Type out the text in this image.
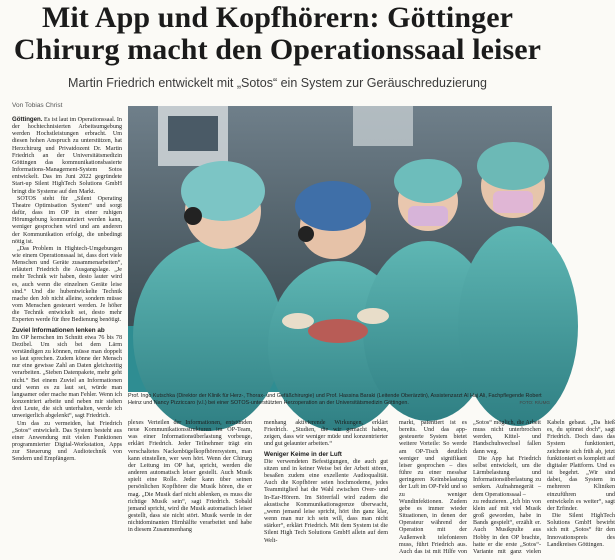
Mit App und Kopfhörern: Göttinger
Chirurg macht den Operationssaal leiser
Martin Friedrich entwickelt mit „Sotos“ ein System zur Geräuschreduzierung
Von Tobias Christ

Göttingen. Es ist laut im Operationssaal. In der hochtechnisierten Arbeitsumgebung werden Hochstleistungen erbracht. Um diesen hohen Anspruch zu unterstützen, hat Herzchirurg und Privatdozent Dr. Martin Friedrich an der Universitätsmedizin Göttingen das kommunikationsbasierte Informations-Management-System Sotos entwickelt. Das im Juni 2022 gegründete Start-up Silent HighTech Solutions GmbH bringt die Systeme auf den Markt.

SOTOS steht für „Silent Operating Theatre Optimisation System“ und sorgt dafür, dass im OP in einer ruhigen Hörumgebung kommuniziert werden kann, weniger gesprochen wird und am anderen der Kommunikation erfolgt, die unbedingt nötig ist.

„Das Problem in Hightech-Umgebungen wie einem Operationssaal ist, dass dort viele Menschen und Geräte zusammenarbeiten“, erläutert Friedrich die Ausgangslage. „Je mehr Technik wir haben, desto lauter wird es, auch wenn die einzelnen Geräte leise sind.“ Und die hubentwickelte Technik mache den Job nicht alleine, sondern müsse vom Menschen gesteuert werden. Je höher die Technik entwickelt sei, desto mehr Experten werde für ihre Bedienung benötigt.

Zuviel Informationen lenken ab

Im OP herrschen im Schnitt etwa 76 bis 78 Dezibel. Um sich bei dem Lärm verständigen zu können, müsse man doppelt so laut sprechen. Zudem könne der Mensch nur eine gewisse Zahl an Daten gleichzeitig verarbeiten. „Sieben Datenpakete, mehr geht nicht.“ Bei einem Zuviel an Informationen und wenn es zu laut sei, würde man langsamer oder mache man Fehler. Wenn ich konzentriert arbeite und neben mir stehen drei Leute, die sich unterhalten, werde ich unweigerlich abgelenkt“, sagt Friedrich.

Um das zu vermeiden, hat Friedrich „Sotos“ entwickelt. Das System besteht aus einer Anwendung mit vielen Funktionen programmierter Digital-Workstation, Apps zur Steuerung und Audiotechnik von Sendern und Empfängern.

Prof. Ingo Kutschka (Direktor der Klinik für Herz-, Thorax- und Gefäßchirurgie) und Prof. Hassina Baraki (Leitende Oberärztin), Assistenzarzt Al Haj Ali, Fachpflegende Robert Heinz und Nancy Pizziccaro (v.l.) bei einer SOTOS-unterstützten Herzoperation an der Universitätsmedizin Göttingen.	FOTO: R/UMG

plexes Verteilen der Informationen, entstünden neue Kommunikationsstrukturen im OP-Team, was einer Informationsüberlastung vorbeuge, erklärt Friedrich. Jeder Teilnehmer trägt ein verschaltetes Nackenbügelkopfhörersystem, man kann einstellen, wer wen hört. Wenn der Chirurg der Leitung im OP hat, spricht, werden die anderen automatisch leiser gestellt. Auch Musik spielt eine Rolle. Jeder kann über seinen persönlichen Kopfhörer die Musik hören, die er mag. „Die Musik darf nicht ablenken, es muss die richtige Musik sein“, sagt Friedrich. Sobald jemand spricht, wird die Musik automatisch leiser gestellt, dass sie nicht stört. Musik werde in der nichtdominanten Hirnhälfte verarbeitet und habe in diesem Zusammenhang

menhang aktivierende Wirkungen, erklärt Friedrich. „Studien, die wir gemacht haben, zeigen, dass wir weniger müde und konzentrierter und gut gelaunter arbeiten.“

Weniger Keime in der Luft

Die verwendeten Befestigungen, die auch gut sitzen und in keiner Weise bei der Arbeit stören, besaßen zudem eine exzellente Audioqualität. Auch die Kopfhörer seien hochmoderne, jedes Teammitglied hat die Wahl zwischen Over- und In-Ear-Hörern. Im Störerfall wird zudem die akustische Kommunikationsgrenze überwacht, „wenn jemand leise spricht, hört ihn ganz klar, wenn man nur ich sein will, dass man nicht stärker“, erklärt Friedrich. Mit dem System ist die Silent High Tech Solutions GmbH allein auf dem Welt-

markt, patentiert ist es bereits. Und das app-gesteuerte System bietet weitere Vorteile: So werde am OP-Tisch deutlich weniger und signifikant leiser gesprochen – dies führe zu einer messbar geringeren Keimbelastung der Luft im OP-Feld und so zu weniger Wundinfektionen. Zudem gebe es immer wieder Situationen, in denen der Operateur während der Operation mit der Außenwelt telefonieren muss, führt Friedrich aus. Auch das ist mit Hilfe von „Sotos“ möglich, die Arbeit muss nicht unterbrochen werden, Kittel- und Handschuhwechsel fallen dann weg.

Die App hat Friedrich selbst entwickelt, um die Lärmbelastung und Informationsüberlastung zu senken. Aufnahmegerät – dem Operationssaal –

zu reduzieren. „Ich bin von klein auf mit viel Musik groß geworden, habe in Bands gespielt“, erzählt er. Auch Musikpulte aus Hobby in den OP brachte, hatte er die erste „Sotos“-Variante mit ganz vielen Kabeln gebaut. „Da hieß es, du spinnst doch“, sagt Friedrich. Doch dass das System funktioniert, zeichnete sich früh ab, jetzt funktioniert es komplett auf digitaler Plattform. Und es ist begehrt. „Wir sind dabei, das System in mehreren Kliniken einzuführen und entwickeln es weiter“, sagt der Erfinder.

Die Silent HighTech Solutions GmbH bewirbt sich mit „Sotos“ für den Innovationspreis des Landkreises Göttingen.
